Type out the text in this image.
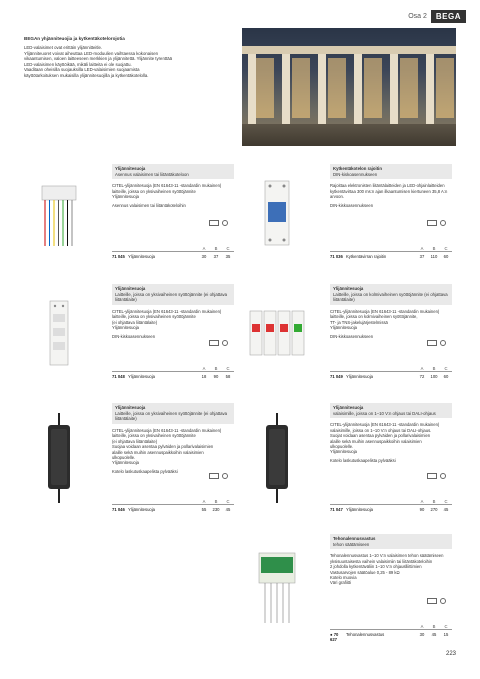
Osa 2	BEGA
BEGAn yhjänniteuojia ja kytkentäkotelorojotia
LED-valaisimet ovat erittäin ylijännitteitle.
Ylijänniteuoret voivat aiheuttaa LED-moduulien vaihtaessa kokonaisen
vikaantumisen, valoen laitteeseen merkkien ja ylijännitettä. Ylijännite tyrenttää
LED-valaisimen käyttöikää, mikäli laitteita ei ole suojattu.
Vaaditaan oheisilla suojauksilla LED-valaisimien suojaamista
käyttötarkoituksen mukaisilla ylijännitesuojilla ja kytkentäkotelolla.
Ylijännitesuoja
Asennus valaisimen tai liitäntäkoteloon
CITEL-ylijännitesuoja (EN 61643-11 -standardin mukainen)
laitteille, joissa on yksivaiheinen syöttöjännite
Ylijännitesuoja
Asennus valaisimen tai liitäntäkoteloihin
A	B	C
71 045 Ylijännitesuoja	30	37	35
Kytkentäkotelon rajoitin
DIN-kiskoasennukseen
Rajoittaa elektronisten liitäntälaitteiden ja LED-ohjainlaitteiden
kytkentävirtaa 300 ms:n ajan ilkaantumisen kiertuneen 35,8 A:n
arvoon.
DIN-kiskoasennukseen
A	B	C
71 036 Kytkentävirran rajoitin	37	110	60
Ylijännitesuoja
Laitteille, joissa on yksivaiheinen syöttöjännite (ei ohjattava liitäntälaite)
CITEL-ylijännitesuoja (EN 61643-11 -standardin mukainen)
laitteille, joissa on yksivaiheinen syöttöjännite
(ei ohjattava liitäntälaite)
Ylijännitesuoja
DIN-kiskoasennukseen
A	B	C
71 048 Ylijännitesuoja	18	90	58
Ylijännitesuoja
Laitteille, joissa on kolmivaiheinen syöttöjännite (ei ohjattava liitäntälaite)
CITEL-ylijännitesuoja (EN 61643-11 -standardin mukainen)
laitteille, joissa on kolmivaiheinen syöttöjännite,
TT- ja TNS-jakelujärjestelmissä
Ylijännitesuoja
DIN-kiskoasennukseen
A	B	C
71 049 Ylijännitesuoja	72	100	60
Ylijännitesuoja
Laitteille, joissa on yksivaiheinen syöttöjännite (ei ohjattava liitäntälaite)
CITEL-ylijännitesuoja (EN 61643-11 -standardin mukainen)
laitteille, joissa on yksivaiheinen syöttöjännite
(ei ohjattava liitäntälaite)
Suojaa voidaan asentaa pylväiden ja pollarivalaisimien
alaille sekä muihin asennuspaikkoihin valaisimien
ulkopuolelle.
Ylijännitesuoja
Kotelo laskutuskaapelista pylvääksi
A	B	C
71 046 Ylijännitesuoja	55	230	45
Ylijännitesuoja
valaisimille, joissa on 1–10 V:n ohjaus tai DALI-ohjaus
CITEL-ylijännitesuoja (EN 61643-11 -standardin mukainen)
valaisimille, joissa on 1–10 V:n ohjaus tai DALI-ohjaus.
Suojat voidaan asentaa pylväiden ja pollarivalaisimien
alaille sekä muihin asennuspaikkoihin valaisimien
ulkopuolelle.
Ylijännitesuoja
Kotelo laskutuskaapelista pylvääksi
A	B	C
71 047 Ylijännitesuoja	90	270	45
Tehonalennusvastus
tehon säätämiseen
Tehonalennusvastus 1–10 V:n valaisimen tehon säätämiseen
yksisuuntaisesta vaihein valaisimiin tai liitäntäkoteloihin
2 johdolla kytkentäväliin 1–10 V:n ohjauslliittimien
Vastusarvojen säätöalue 0,25 - 89 kΩ
Kotelo muovia
Väri grafiitti
A	B	C
● 70 627
Tehonalennusvastus	30	45	15
223
